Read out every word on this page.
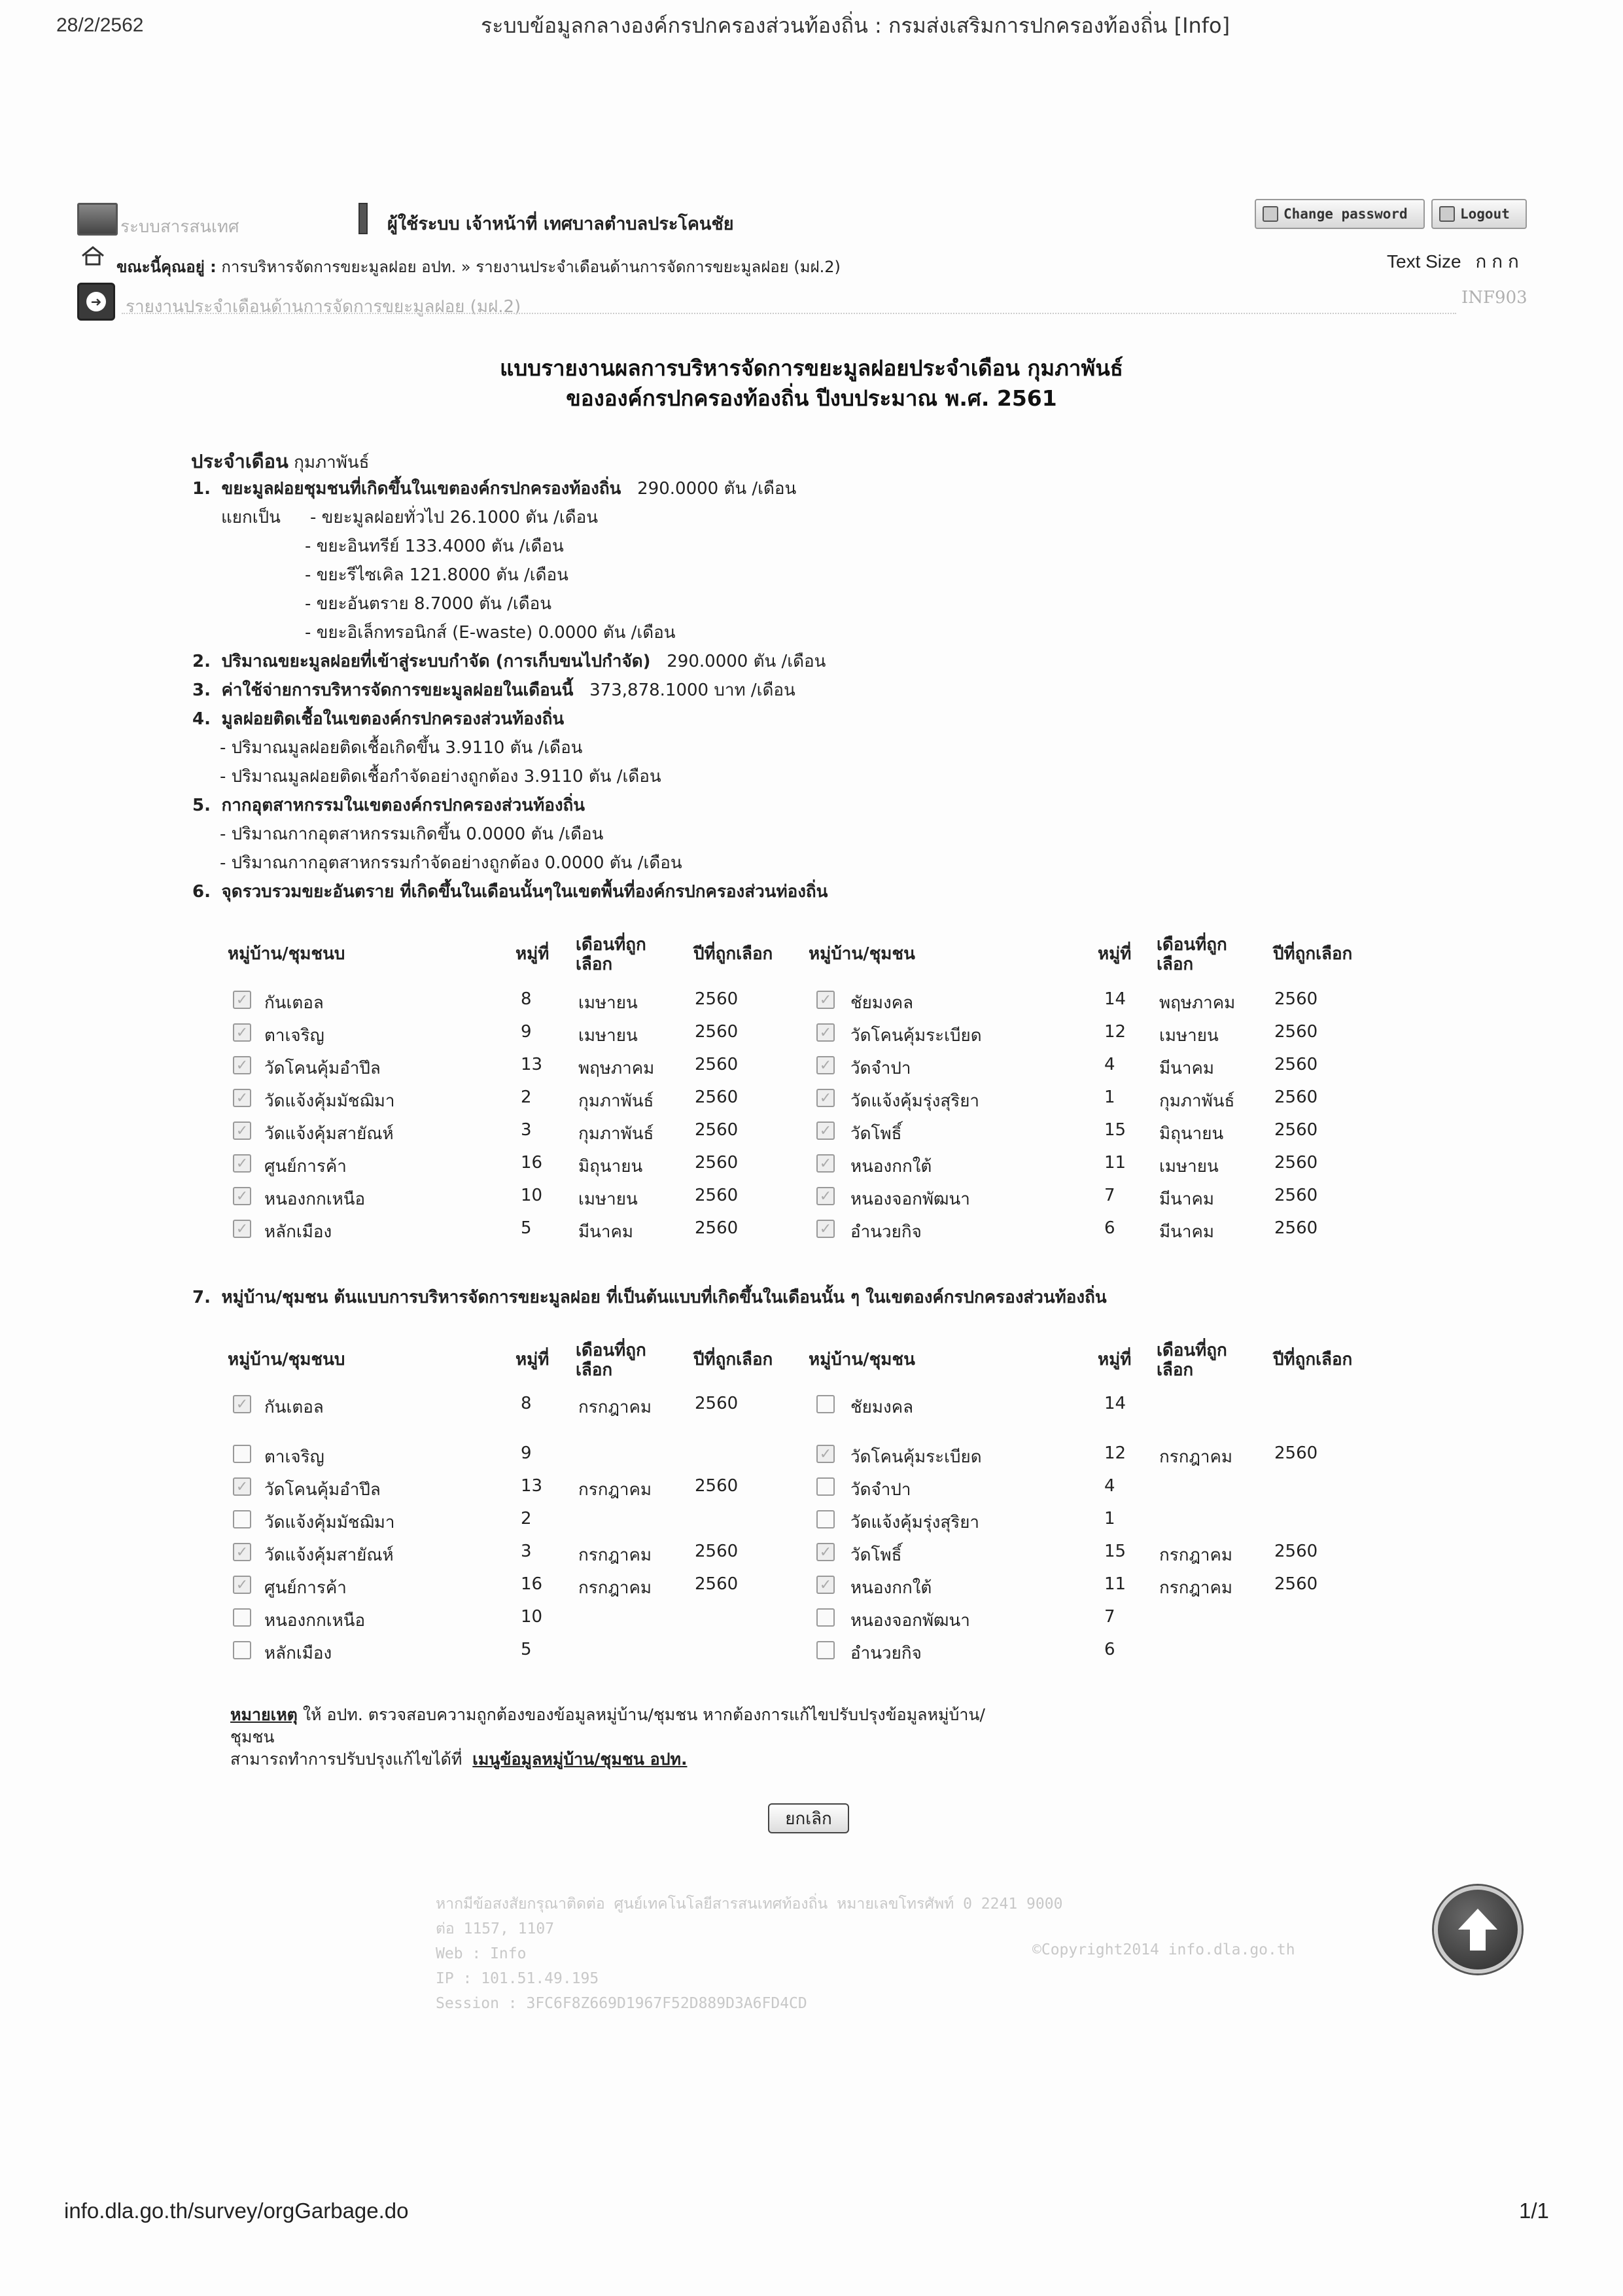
28/2/2562	ระบบข้อมูลกลางองค์กรปกครองส่วนท้องถิ่น : กรมส่งเสริมการปกครองท้องถิ่น [Info]
ระบบสารสนเทศ	ผู้ใช้ระบบ เจ้าหน้าที่ เทศบาลตำบลประโคนชัย	Change password	Logout
ขณะนี้คุณอยู่ : การบริหารจัดการขยะมูลฝอย อปท. » รายงานประจำเดือนด้านการจัดการขยะมูลฝอย (มฝ.2)	Text Size ก ก ก
➜ รายงานประจำเดือนด้านการจัดการขยะมูลฝอย (มฝ.2)	INF903
แบบรายงานผลการบริหารจัดการขยะมูลฝอยประจำเดือน กุมภาพันธ์
ขององค์กรปกครองท้องถิ่น ปีงบประมาณ พ.ศ. 2561
ประจำเดือน กุมภาพันธ์
1. ขยะมูลฝอยชุมชนที่เกิดขึ้นในเขตองค์กรปกครองท้องถิ่น 290.0000 ตัน /เดือน
แยกเป็น - ขยะมูลฝอยทั่วไป 26.1000 ตัน /เดือน
- ขยะอินทรีย์ 133.4000 ตัน /เดือน
- ขยะรีไซเคิล 121.8000 ตัน /เดือน
- ขยะอันตราย 8.7000 ตัน /เดือน
- ขยะอิเล็กทรอนิกส์ (E-waste) 0.0000 ตัน /เดือน
2. ปริมาณขยะมูลฝอยที่เข้าสู่ระบบกำจัด (การเก็บขนไปกำจัด) 290.0000 ตัน /เดือน
3. ค่าใช้จ่ายการบริหารจัดการขยะมูลฝอยในเดือนนี้ 373,878.1000 บาท /เดือน
4. มูลฝอยติดเชื้อในเขตองค์กรปกครองส่วนท้องถิ่น
- ปริมาณมูลฝอยติดเชื้อเกิดขึ้น 3.9110 ตัน /เดือน
- ปริมาณมูลฝอยติดเชื้อกำจัดอย่างถูกต้อง 3.9110 ตัน /เดือน
5. กากอุตสาหกรรมในเขตองค์กรปกครองส่วนท้องถิ่น
- ปริมาณกากอุตสาหกรรมเกิดขึ้น 0.0000 ตัน /เดือน
- ปริมาณกากอุตสาหกรรมกำจัดอย่างถูกต้อง 0.0000 ตัน /เดือน
6. จุดรวบรวมขยะอันตราย ที่เกิดขึ้นในเดือนนั้นๆในเขตพื้นที่องค์กรปกครองส่วนท่องถิ่น
หมู่บ้าน/ชุมชนบ	หมู่ที่ เดือนที่ถูกเลือก
ปีที่ถูกเลือก หมู่บ้าน/ชุมชน	หมู่ที่ เดือนที่ถูกเลือก
ปีที่ถูกเลือก
✓ กันเตอล	8	เมษายน	2560
✓ ตาเจริญ	9	เมษายน	2560
✓ วัดโคนคุ้มอำปึล	13 พฤษภาคม 2560
✓ วัดแจ้งคุ้มมัชฌิมา	2	กุมภาพันธ์ 2560
✓ วัดแจ้งคุ้มสายัณห์	3	กุมภาพันธ์ 2560
✓ ศูนย์การค้า	16 มิถุนายน	2560
✓ หนองกกเหนือ	10 เมษายน	2560
✓ หลักเมือง	5	มีนาคม	2560
✓ ชัยมงคล	14 พฤษภาคม 2560
✓ วัดโคนคุ้มระเบียด	12 เมษายน	2560
✓ วัดจำปา	4	มีนาคม	2560
✓ วัดแจ้งคุ้มรุ่งสุริยา	1	กุมภาพันธ์ 2560
✓ วัดโพธิ์	15 มิถุนายน	2560
✓ หนองกกใต้	11 เมษายน	2560
✓ หนองจอกพัฒนา	7	มีนาคม	2560
✓ อำนวยกิจ	6	มีนาคม	2560
7. หมู่บ้าน/ชุมชน ต้นแบบการบริหารจัดการขยะมูลฝอย ที่เป็นต้นแบบที่เกิดขึ้นในเดือนนั้น ๆ ในเขตองค์กรปกครองส่วนท้องถิ่น
หมู่บ้าน/ชุมชนบ	หมู่ที่ เดือนที่ถูกเลือก
ปีที่ถูกเลือก หมู่บ้าน/ชุมชน	หมู่ที่ เดือนที่ถูกเลือก
ปีที่ถูกเลือก
✓ กันเตอล	8	กรกฎาคม	2560
ตาเจริญ	9
✓ วัดโคนคุ้มอำปึล	13 กรกฎาคม	2560
วัดแจ้งคุ้มมัชฌิมา	2
✓ วัดแจ้งคุ้มสายัณห์	3	กรกฎาคม	2560
✓ ศูนย์การค้า	16 กรกฎาคม	2560
หนองกกเหนือ	10
หลักเมือง	5
ชัยมงคล	14
✓ วัดโคนคุ้มระเบียด	12 กรกฎาคม 2560
วัดจำปา	4
วัดแจ้งคุ้มรุ่งสุริยา	1
✓ วัดโพธิ์	15 กรกฎาคม 2560
✓ หนองกกใต้	11 กรกฎาคม 2560
หนองจอกพัฒนา	7
อำนวยกิจ	6
หมายเหตุ ให้ อปท. ตรวจสอบความถูกต้องของข้อมูลหมู่บ้าน/ชุมชน หากต้องการแก้ไขปรับปรุงข้อมูลหมู่บ้าน/
ชุมชน
สามารถทำการปรับปรุงแก้ไขได้ที่ เมนูข้อมูลหมู่บ้าน/ชุมชน อปท.
ยกเลิก
หากมีข้อสงสัยกรุณาติดต่อ ศูนย์เทคโนโลยีสารสนเทศท้องถิ่น หมายเลขโทรศัพท์ 0 2241 9000
ต่อ 1157, 1107
Web : Info
IP : 101.51.49.195
Session : 3FC6F8Z669D1967F52D889D3A6FD4CD
©Copyright2014 info.dla.go.th
info.dla.go.th/survey/orgGarbage.do	1/1
